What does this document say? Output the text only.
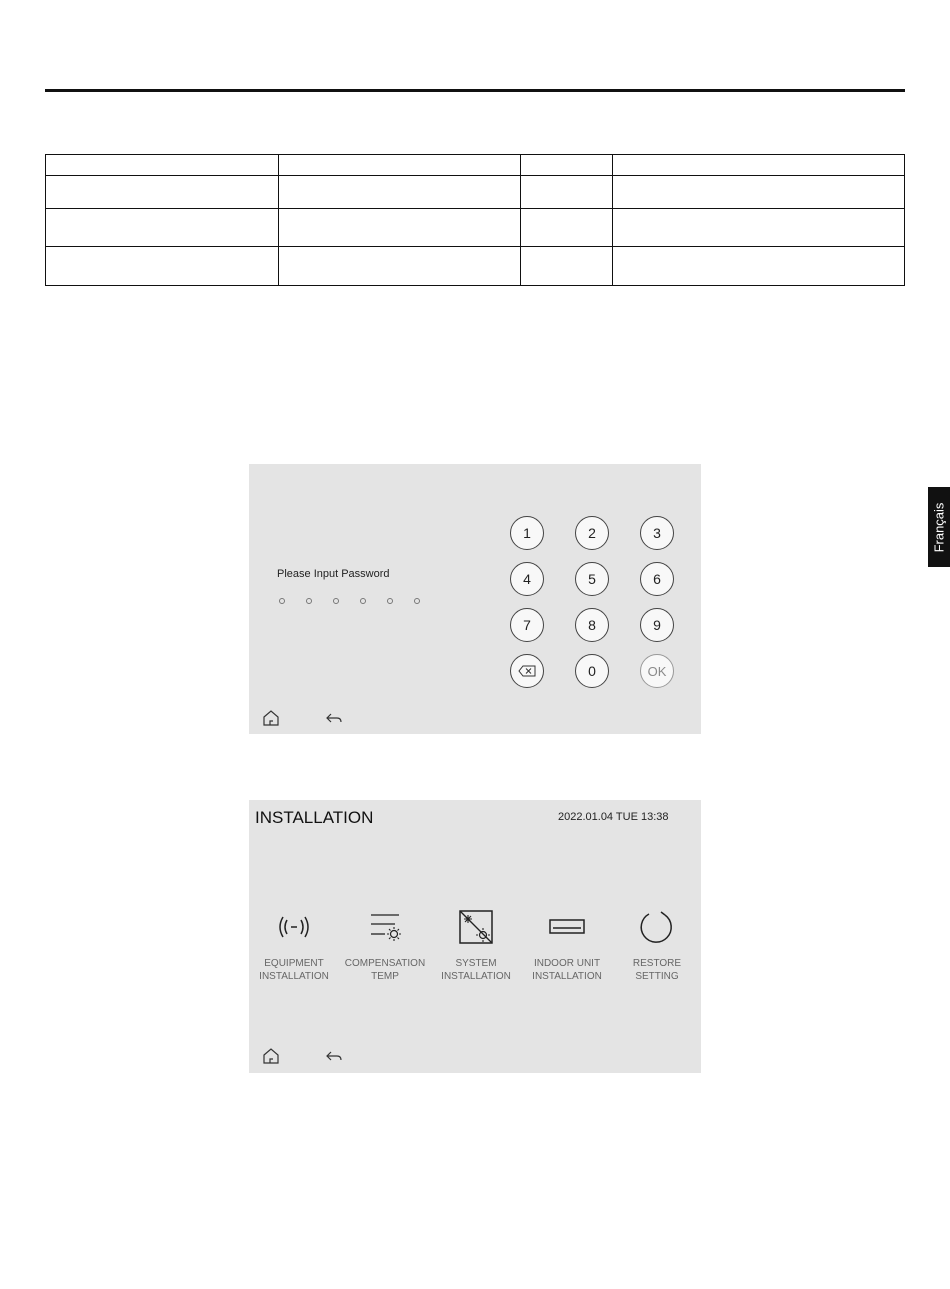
Français
Please Input Password
1	2	3
4	5	6
7	8	9
0	OK
INSTALLATION	2022.01.04 TUE 13:38
EQUIPMENT
INSTALLATION
COMPENSATION
TEMP
SYSTEM
INSTALLATION
INDOOR UNIT
INSTALLATION
RESTORE
SETTING
